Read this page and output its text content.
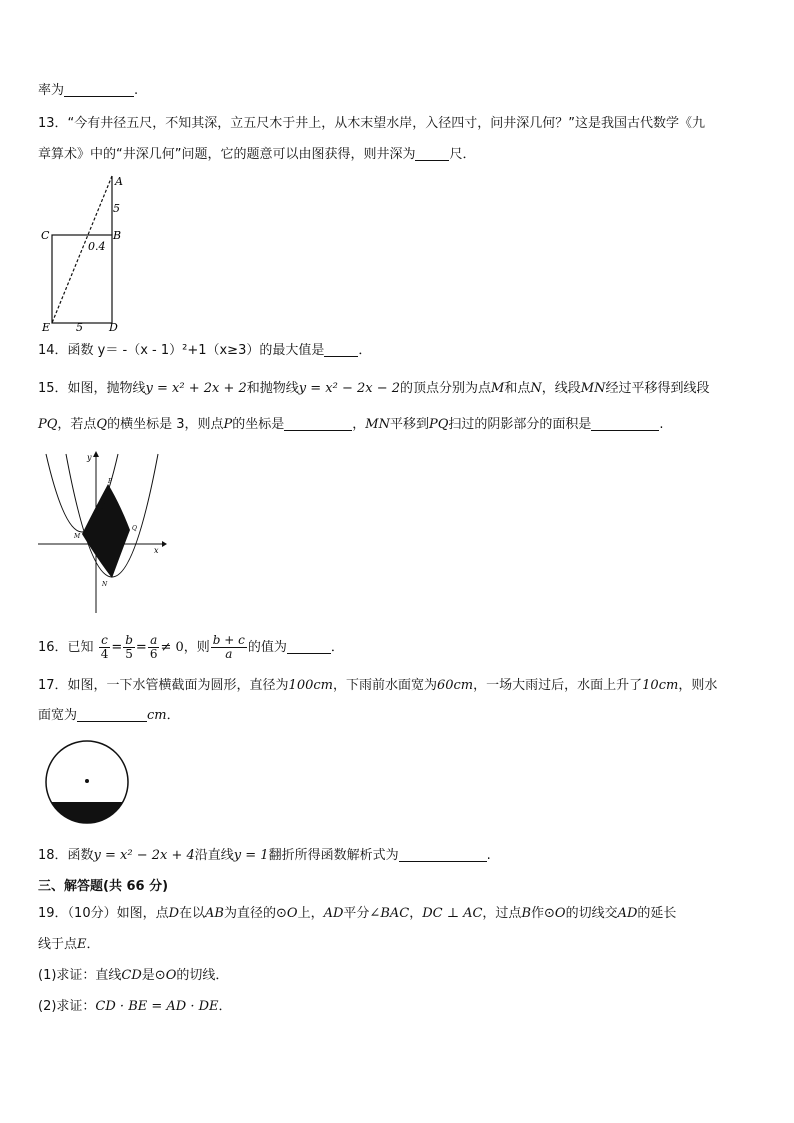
率为	.
13．“今有井径五尺，不知其深，立五尺木于井上，从木末望水岸，入径四寸，问井深几何？”这是我国古代数学《九
章算术》中的“井深几何”问题，它的题意可以由图获得，则井深为	尺．
A
5
C	B
0.4
E 5 D
14．函数 y＝ -（x - 1）²+1（x≥3）的最大值是	．
15．如图，抛物线y = x² + 2x + 2和抛物线y = x² − 2x − 2的顶点分别为点M和点N，线段MN经过平移得到线段
PQ，若点Q的横坐标是 3，则点P的坐标是	，MN平移到PQ扫过的阴影部分的面积是	.
y
x
P
Q
M
N
16．已知 $\frac{c}{4} = \frac{b}{5} = \frac{a}{6} \ne 0$，则 $\frac{b + c}{a}$ 的值为	．
17．如图，一下水管横截面为圆形，直径为100cm，下雨前水面宽为60cm，一场大雨过后，水面上升了10cm，则水
面宽为	cm．
18．函数y = x² − 2x + 4沿直线y = 1翻折所得函数解析式为	.
三、解答题(共 66 分)
19．（10分）如图，点D在以AB为直径的⊙O上，AD平分∠BAC，DC ⊥ AC，过点B作⊙O的切线交AD的延长
线于点E．
(1)求证：直线CD是⊙O的切线．
(2)求证：CD · BE = AD · DE．
